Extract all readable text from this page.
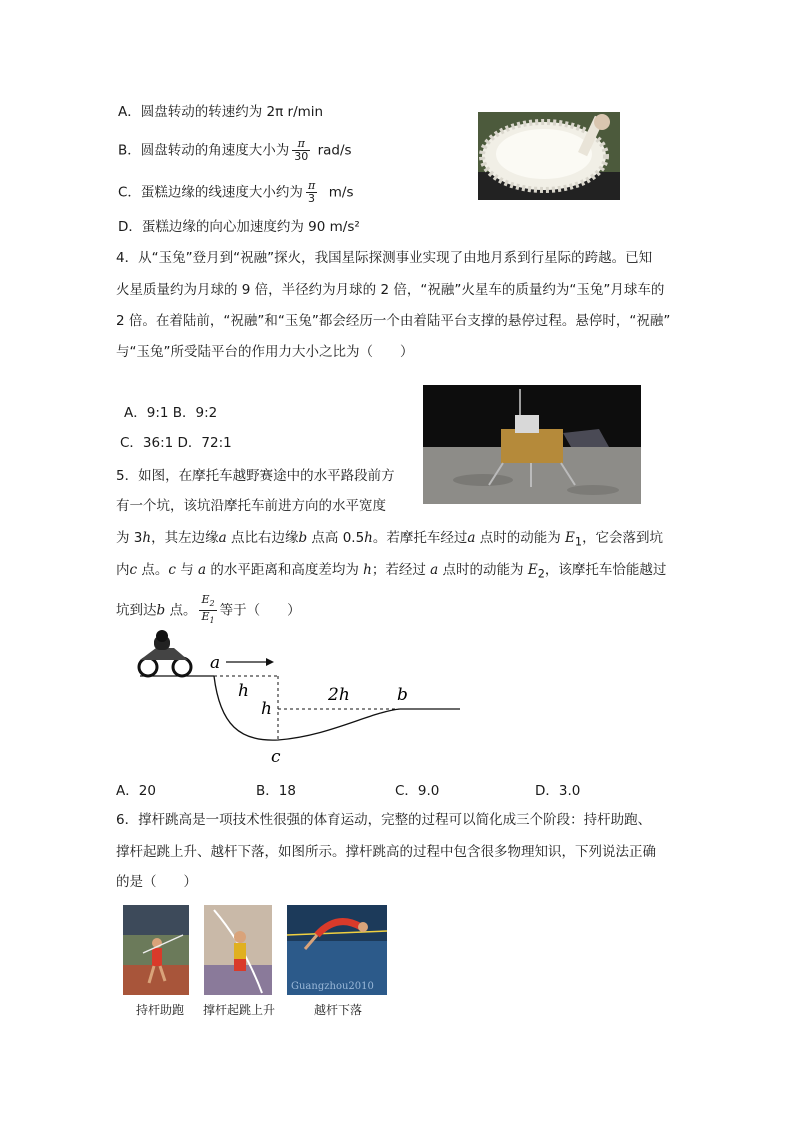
A．圆盘转动的转速约为 2π r/min
B．圆盘转动的角速度大小为 $\frac{\pi}{30} rad/s$
C．蛋糕边缘的线速度大小约为 $\frac{\pi}{3} m/s$
D．蛋糕边缘的向心加速度约为 90 m/s²
4．从“玉兔”登月到“祝融”探火，我国星际探测事业实现了由地月系到行星际的跨越。已知
火星质量约为月球的 9 倍，半径约为月球的 2 倍，“祝融”火星车的质量约为“玉兔”月球车的
2 倍。在着陆前，“祝融”和“玉兔”都会经历一个由着陆平台支撑的悬停过程。悬停时，“祝融”
与“玉兔”所受陆平台的作用力大小之比为（　　）
A．9:1 B．9:2
C．36:1 D．72:1
5．如图，在摩托车越野赛途中的水平路段前方
有一个坑，该坑沿摩托车前进方向的水平宽度
为 3h，其左边缘a 点比右边缘b 点高 0.5h。若摩托车经过a 点时的动能为 $E_1$，它会落到坑
内c 点。c 与 a 的水平距离和高度差均为 h；若经过 a 点时的动能为 $E_2$，该摩托车恰能越过
坑到达b 点。 $\frac{E_2}{E_1}$ 等于（　　）
a
h
h
2h	b
c
A．20	B．18	C．9.0	D．3.0
6．撑杆跳高是一项技术性很强的体育运动，完整的过程可以简化成三个阶段：持杆助跑、
撑杆起跳上升、越杆下落，如图所示。撑杆跳高的过程中包含很多物理知识，下列说法正确
的是（　　）
Guangzhou2010
持杆助跑 撑杆起跳上升	越杆下落
